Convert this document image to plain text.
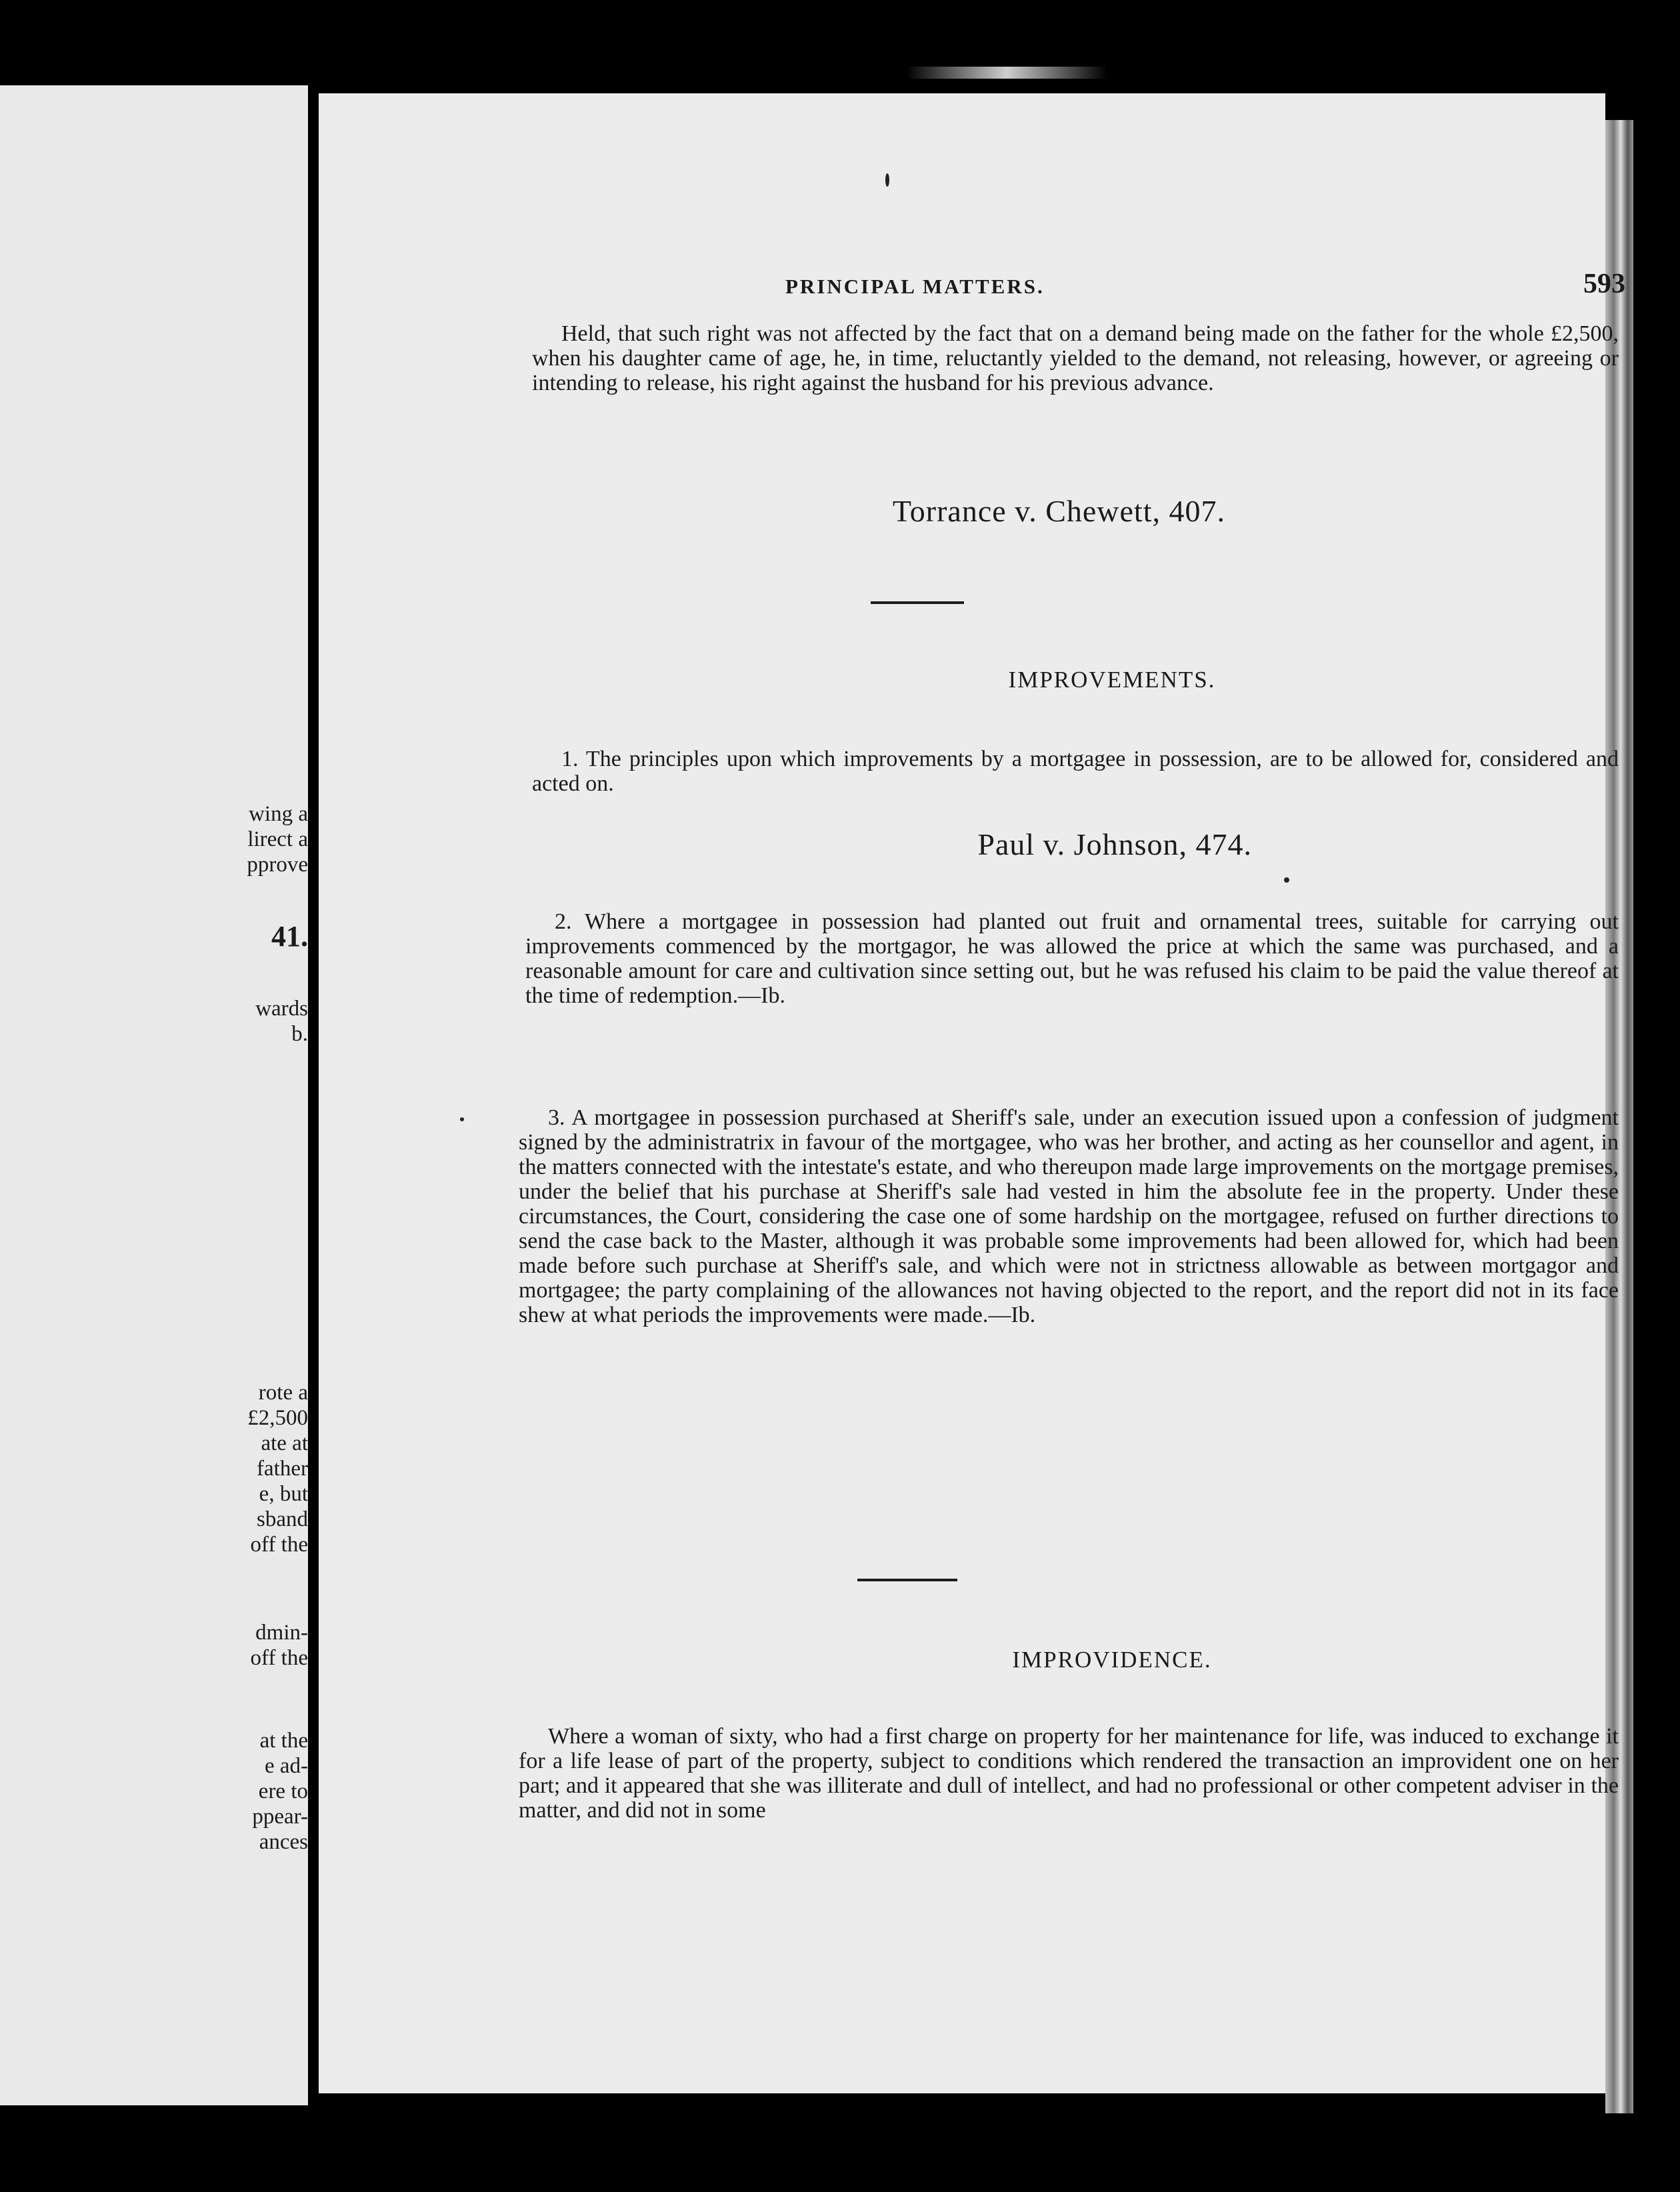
wing a

lirect a

pprove

41.

wards

b.

rote a

£2,500

ate at

father

e, but

sband

off the

dmin-

off the

at the

e ad-

ere to

ppear-

ances

PRINCIPAL MATTERS.	593

Held, that such right was not affected by the fact that on a demand being made on the father for the whole £2,500, when his daughter came of age, he, in time, reluctantly yielded to the demand, not releasing, however, or agreeing or intending to release, his right against the husband for his previous advance.

Torrance v. Chewett, 407.
IMPROVEMENTS.

1. The principles upon which improvements by a mortgagee in possession, are to be allowed for, considered and acted on.

Paul v. Johnson, 474.

2. Where a mortgagee in possession had planted out fruit and ornamental trees, suitable for carrying out improvements commenced by the mortgagor, he was allowed the price at which the same was purchased, and a reasonable amount for care and cultivation since setting out, but he was refused his claim to be paid the value thereof at the time of redemption.—Ib.

3. A mortgagee in possession purchased at Sheriff's sale, under an execution issued upon a confession of judgment signed by the administratrix in favour of the mortgagee, who was her brother, and acting as her counsellor and agent, in the matters connected with the intestate's estate, and who thereupon made large improvements on the mortgage premises, under the belief that his purchase at Sheriff's sale had vested in him the absolute fee in the property. Under these circumstances, the Court, considering the case one of some hardship on the mortgagee, refused on further directions to send the case back to the Master, although it was probable some improvements had been allowed for, which had been made before such purchase at Sheriff's sale, and which were not in strictness allowable as between mortgagor and mortgagee; the party complaining of the allowances not having objected to the report, and the report did not in its face shew at what periods the improvements were made.—Ib.

IMPROVIDENCE.

Where a woman of sixty, who had a first charge on property for her maintenance for life, was induced to exchange it for a life lease of part of the property, subject to conditions which rendered the transaction an improvident one on her part; and it appeared that she was illiterate and dull of intellect, and had no professional or other competent adviser in the matter, and did not in some
